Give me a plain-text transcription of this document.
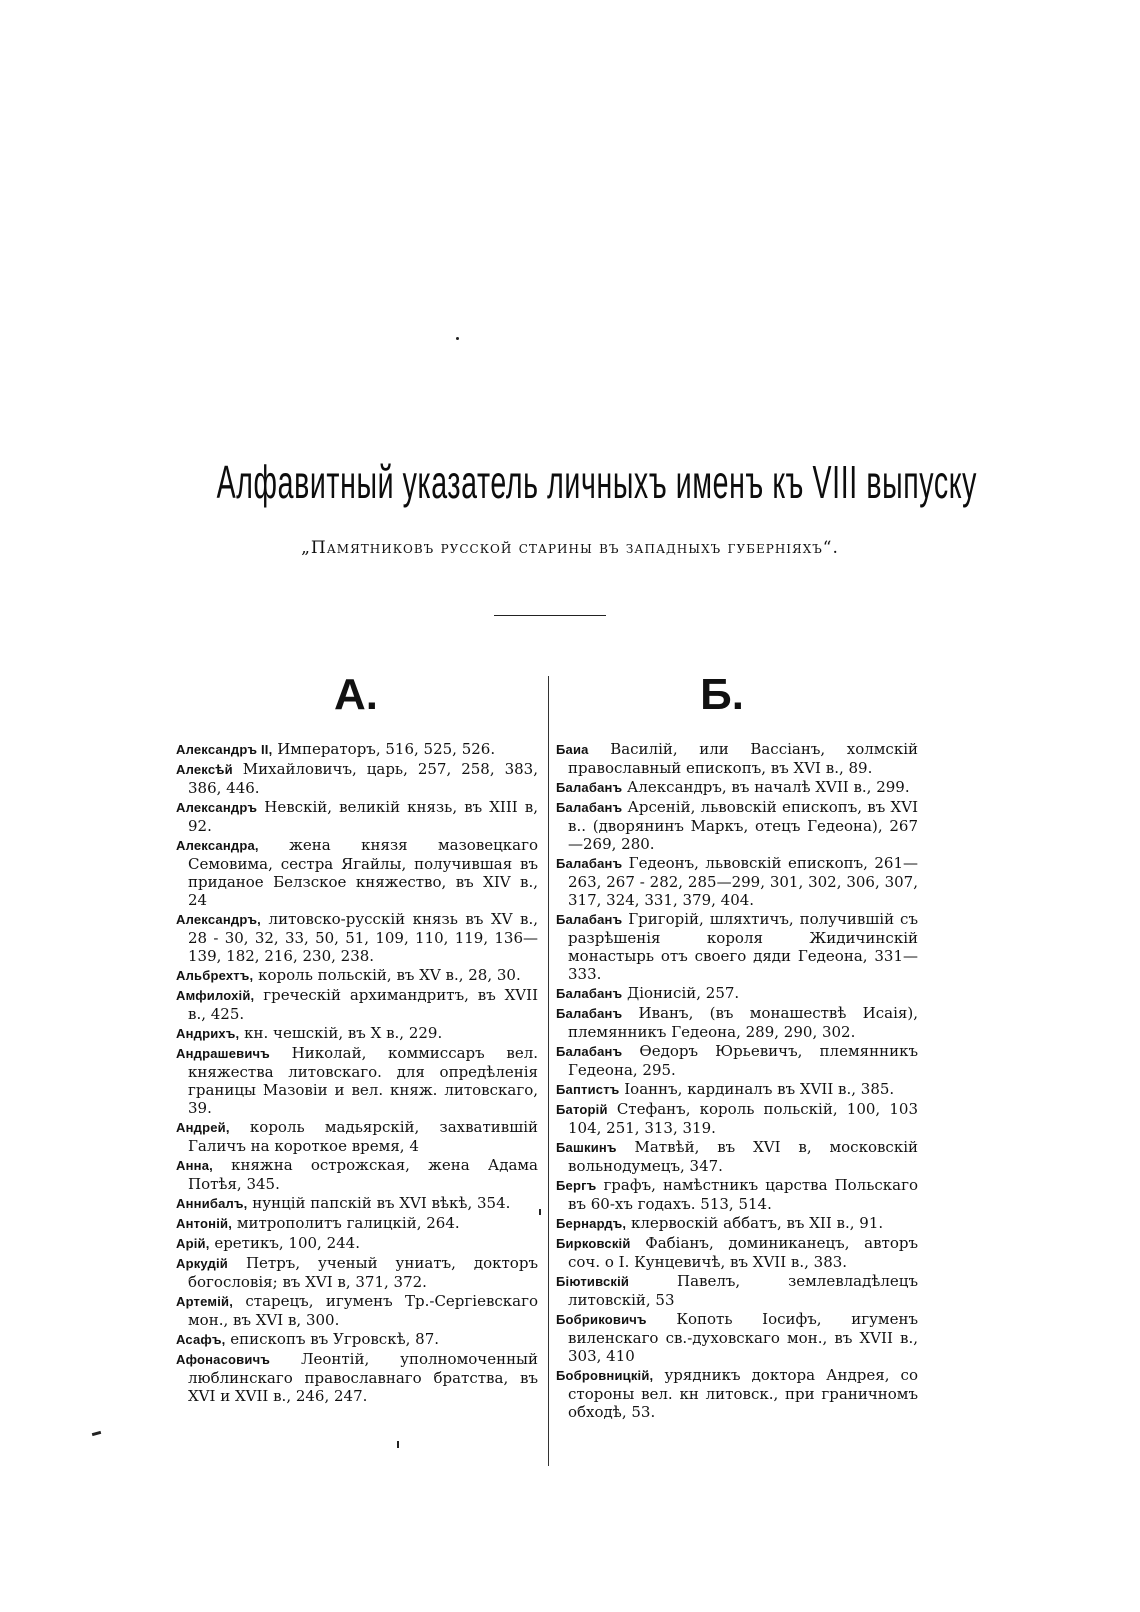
Алфавитный указатель личныхъ именъ къ VIII выпуску
„Памятниковъ русской старины въ западныхъ губерніяхъ“.
А.	Б.
Александръ II, Императоръ, 516, 525, 526.
Алексѣй Михайловичъ, царь, 257, 258, 383, 386, 446.
Александръ Невскій, великій князь, въ XIII в, 92.
Александра, жена князя мазовецкаго Семовима, сестра Ягайлы, получившая въ приданое Белзское княжество, въ XIV в., 24
Александръ, литовско-русскій князь въ XV в., 28 - 30, 32, 33, 50, 51, 109, 110, 119, 136—139, 182, 216, 230, 238.
Альбрехтъ, король польскій, въ XV в., 28, 30.
Амфилохій, греческій архимандритъ, въ XVII в., 425.
Андрихъ, кн. чешскій, въ X в., 229.
Андрашевичъ Николай, коммиссаръ вел. княжества литовскаго. для опредѣленія границы Мазовіи и вел. княж. литовскаго, 39.
Андрей, король мадьярскій, захватившій Галичъ на короткое время, 4
Анна, княжна острожская, жена Адама Потѣя, 345.
Аннибалъ, нунцій папскій въ XVI вѣкѣ, 354.
Антоній, митрополитъ галицкій, 264.
Арій, еретикъ, 100, 244.
Аркудій Петръ, ученый униатъ, докторъ богословія; въ XVI в, 371, 372.
Артемій, старецъ, игуменъ Тр.-Сергіевскаго мон., въ XVI в, 300.
Асафъ, епископъ въ Угровскѣ, 87.
Афонасовичъ Леонтій, уполномоченный люблинскаго православнаго братства, въ XVI и XVII в., 246, 247.
Баиа Василій, или Вассіанъ, холмскій православный епископъ, въ XVI в., 89.
Балабанъ Александръ, въ началѣ XVII в., 299.
Балабанъ Арсеній, львовскій епископъ, въ XVI в.. (дворянинъ Маркъ, отецъ Гедеона), 267—269, 280.
Балабанъ Гедеонъ, львовскій епископъ, 261—263, 267 - 282, 285—299, 301, 302, 306, 307, 317, 324, 331, 379, 404.
Балабанъ Григорій, шляхтичъ, получившій съ разрѣшенія короля Жидичинскій монастырь отъ своего дяди Гедеона, 331—333.
Балабанъ Діонисій, 257.
Балабанъ Иванъ, (въ монашествѣ Исаія), племянникъ Гедеона, 289, 290, 302.
Балабанъ Ѳедоръ Юрьевичъ, племянникъ Гедеона, 295.
Баптистъ Іоаннъ, кардиналъ въ XVII в., 385.
Баторій Стефанъ, король польскій, 100, 103 104, 251, 313, 319.
Башкинъ Матвѣй, въ XVI в, московскій вольнодумецъ, 347.
Бергъ графъ, намѣстникъ царства Польскаго въ 60-хъ годахъ. 513, 514.
Бернардъ, клервоскій аббатъ, въ XII в., 91.
Бирковскій Фабіанъ, доминиканецъ, авторъ соч. о І. Кунцевичѣ, въ XVII в., 383.
Біютивскій Павелъ, землевладѣлецъ литовскій, 53
Бобриковичъ Копоть Іосифъ, игуменъ виленскаго св.-духовскаго мон., въ XVII в., 303, 410
Бобровницкій, урядникъ доктора Андрея, со стороны вел. кн литовск., при граничномъ обходѣ, 53.
